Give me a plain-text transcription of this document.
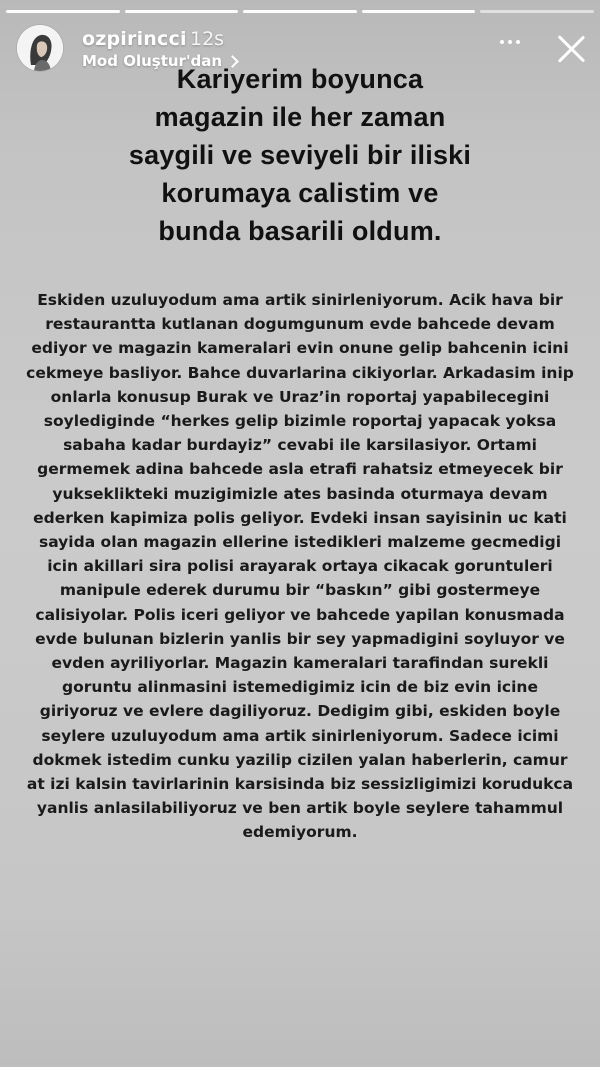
ozpirincci 12s
Mod Oluştur'dan
Kariyerim boyunca magazin ile her zaman saygili ve seviyeli bir iliski korumaya calistim ve bunda basarili oldum.
Eskiden uzuluyodum ama artik sinirleniyorum. Acik hava bir restaurantta kutlanan dogumgunum evde bahcede devam ediyor ve magazin kameralari evin onune gelip bahcenin icini cekmeye basliyor. Bahce duvarlarina cikiyorlar. Arkadasim inip onlarla konusup Burak ve Uraz’in roportaj yapabilecegini soylediginde “herkes gelip bizimle roportaj yapacak yoksa sabaha kadar burdayiz” cevabi ile karsilasiyor. Ortami germemek adina bahcede asla etrafi rahatsiz etmeyecek bir yukseklikteki muzigimizle ates basinda oturmaya devam ederken kapimiza polis geliyor. Evdeki insan sayisinin uc kati sayida olan magazin ellerine istedikleri malzeme gecmedigi icin akillari sira polisi arayarak ortaya cikacak goruntuleri manipule ederek durumu bir “baskın” gibi gostermeye calisiyolar. Polis iceri geliyor ve bahcede yapilan konusmada evde bulunan bizlerin yanlis bir sey yapmadigini soyluyor ve evden ayriliyorlar. Magazin kameralari tarafindan surekli goruntu alinmasini istemedigimiz icin de biz evin icine giriyoruz ve evlere dagiliyoruz. Dedigim gibi, eskiden boyle seylere uzuluyodum ama artik sinirleniyorum. Sadece icimi dokmek istedim cunku yazilip cizilen yalan haberlerin, camur at izi kalsin tavirlarinin karsisinda biz sessizligimizi korudukca yanlis anlasilabiliyoruz ve ben artik boyle seylere tahammul edemiyorum.
